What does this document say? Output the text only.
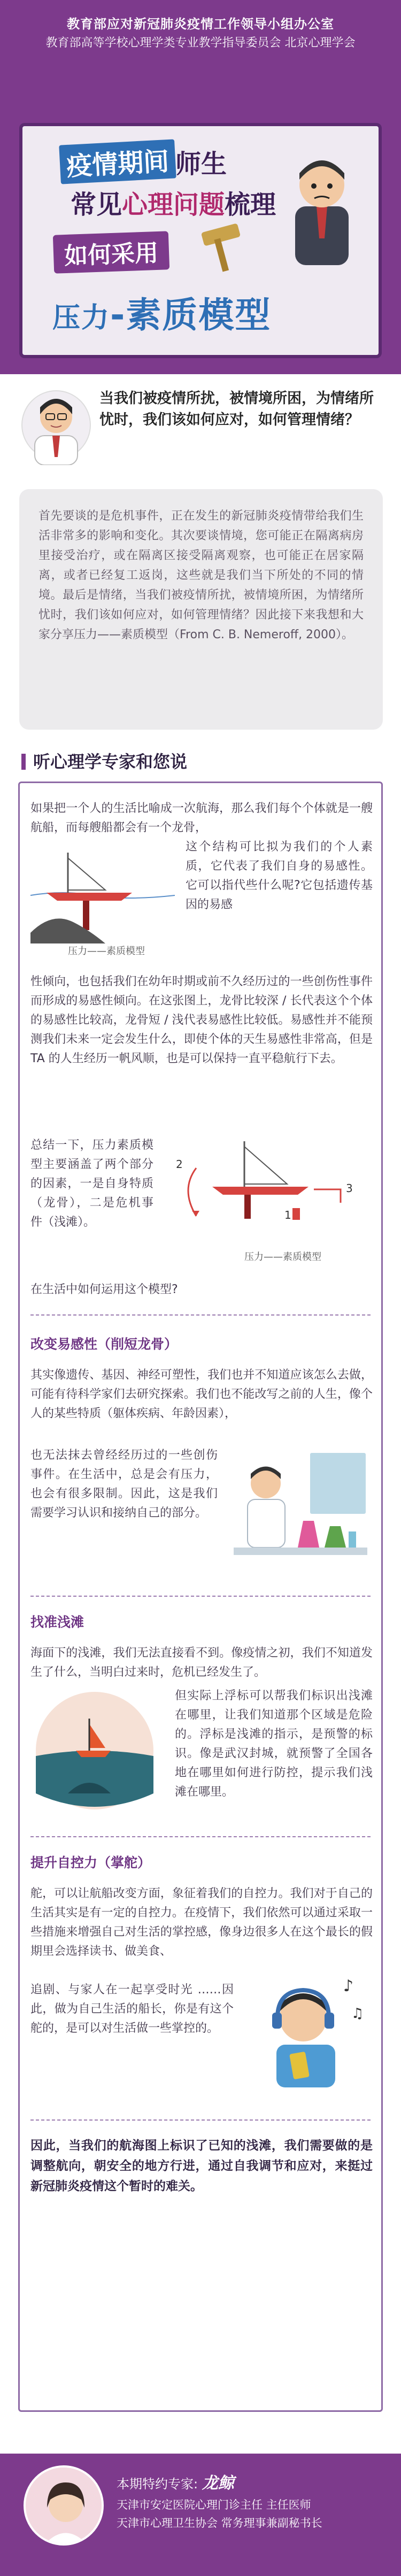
教育部应对新冠肺炎疫情工作领导小组办公室
教育部高等学校心理学类专业教学指导委员会 北京心理学会
疫情期间 师生
常见心理问题梳理
如何采用
压力-素质模型
当我们被疫情所扰，被情境所困，为情绪所忧时，我们该如何应对，如何管理情绪？

首先要谈的是危机事件，正在发生的新冠肺炎疫情带给我们生活非常多的影响和变化。其次要谈情境，您可能正在隔离病房里接受治疗，或在隔离区接受隔离观察，也可能正在居家隔离，或者已经复工返岗，这些就是我们当下所处的不同的情境。最后是情绪，当我们被疫情所扰，被情境所困，为情绪所忧时，我们该如何应对，如何管理情绪？因此接下来我想和大家分享压力——素质模型（From C. B. Nemeroff, 2000）。

听心理学专家和您说
如果把一个人的生活比喻成一次航海，那么我们每个个体就是一艘航船，而每艘船都会有一个龙骨，
压力——素质模型
这个结构可比拟为我们的个人素质，它代表了我们自身的易感性。它可以指代些什么呢?它包括遗传基因的易感
性倾向，也包括我们在幼年时期或前不久经历过的一些创伤性事件而形成的易感性倾向。在这张图上，龙骨比较深 / 长代表这个个体的易感性比较高，龙骨短 / 浅代表易感性比较低。易感性并不能预测我们未来一定会发生什么，即使个体的天生易感性非常高，但是 TA 的人生经历一帆风顺，也是可以保持一直平稳航行下去。
总结一下，压力素质模型主要涵盖了两个部分的因素，一是自身特质（龙骨），二是危机事件（浅滩）。
2
1
3
压力——素质模型
在生活中如何运用这个模型?
改变易感性（削短龙骨）
其实像遗传、基因、神经可塑性，我们也并不知道应该怎么去做，可能有待科学家们去研究探索。我们也不能改写之前的人生，像个人的某些特质（躯体疾病、年龄因素），
也无法抹去曾经经历过的一些创伤事件。在生活中，总是会有压力，也会有很多限制。因此，这是我们需要学习认识和接纳自己的部分。
找准浅滩
海面下的浅滩，我们无法直接看不到。像疫情之初，我们不知道发生了什么，当明白过来时，危机已经发生了。
但实际上浮标可以帮我们标识出浅滩在哪里，让我们知道那个区域是危险的。浮标是浅滩的指示，是预警的标识。像是武汉封城，就预警了全国各地在哪里如何进行防控，提示我们浅滩在哪里。
提升自控力（掌舵）
舵，可以让航船改变方面，象征着我们的自控力。我们对于自己的生活其实是有一定的自控力。在疫情下，我们依然可以通过采取一些措施来增强自己对生活的掌控感，像身边很多人在这个最长的假期里会选择读书、做美食、
追剧、与家人在一起享受时光 ……因此，做为自己生活的船长，你是有这个舵的，是可以对生活做一些掌控的。
♪
♫
因此，当我们的航海图上标识了已知的浅滩，我们需要做的是调整航向，朝安全的地方行进，通过自我调节和应对，来挺过新冠肺炎疫情这个暂时的难关。
本期特约专家: 龙鲸
天津市安定医院心理门诊主任 主任医师
天津市心理卫生协会 常务理事兼副秘书长
